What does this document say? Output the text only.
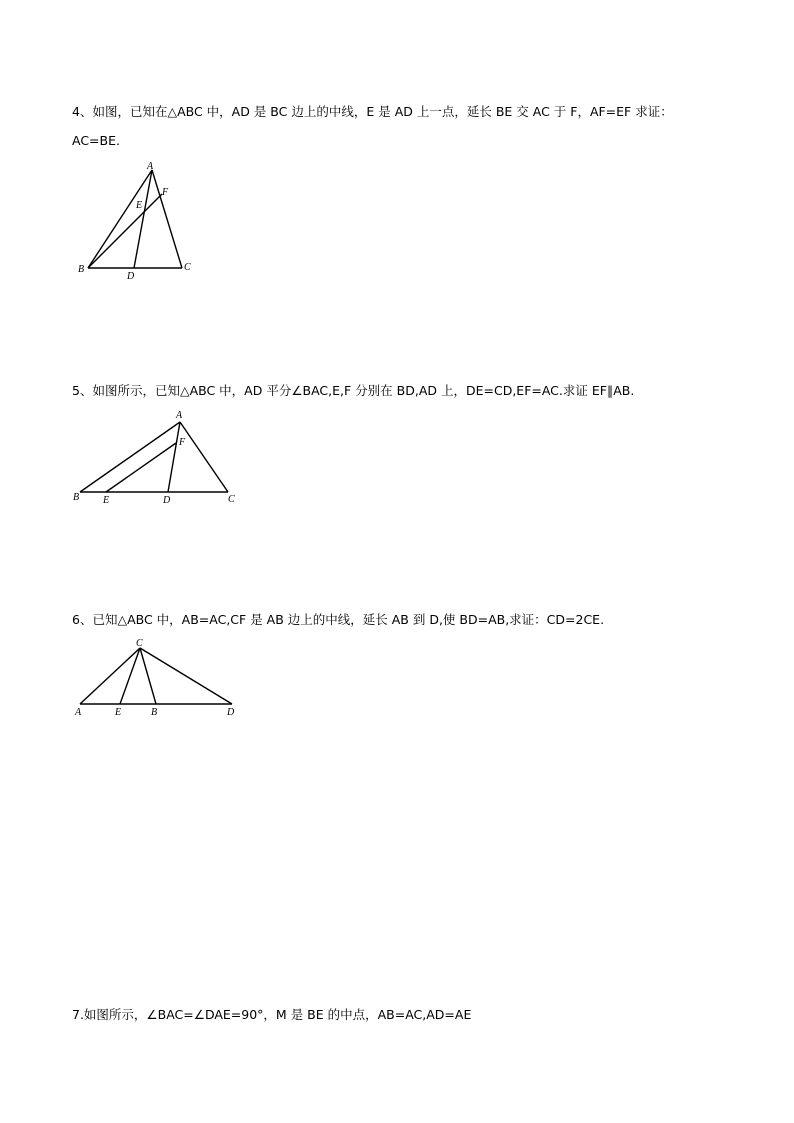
4、如图，已知在△ABC 中，AD 是 BC 边上的中线，E 是 AD 上一点，延长 BE 交 AC 于 F，AF=EF 求证：
AC=BE.
A
B	C
D
E
F
5、如图所示，已知△ABC 中，AD 平分∠BAC,E,F 分别在 BD,AD 上，DE=CD,EF=AC.求证 EF∥AB.
A
B	C
D
E
F
6、已知△ABC 中，AB=AC,CF 是 AB 边上的中线，延长 AB 到 D,使 BD=AB,求证：CD=2CE.
C
A	E	B	D
7.如图所示，∠BAC=∠DAE=90°，M 是 BE 的中点，AB=AC,AD=AE
